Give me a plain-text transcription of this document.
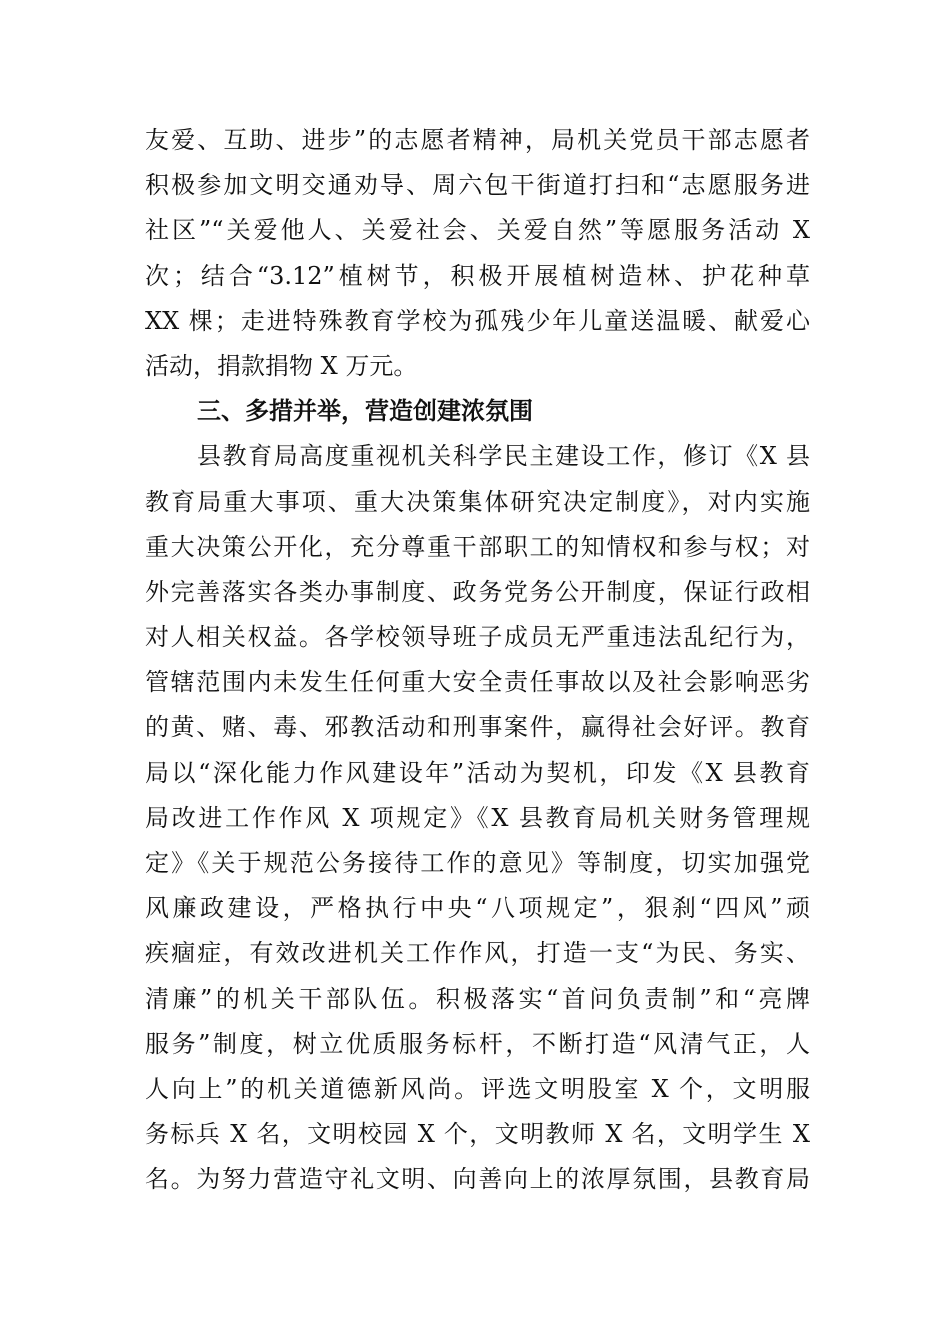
友爱、互助、进步”的志愿者精神，局机关党员干部志愿者
积极参加文明交通劝导、周六包干街道打扫和“志愿服务进
社区”“关爱他人、关爱社会、关爱自然”等愿服务活动 X
次；结合“3.12”植树节，积极开展植树造林、护花种草
XX 棵；走进特殊教育学校为孤残少年儿童送温暖、献爱心
活动，捐款捐物 X 万元。
三、多措并举，营造创建浓氛围
县教育局高度重视机关科学民主建设工作，修订《X 县
教育局重大事项、重大决策集体研究决定制度》，对内实施
重大决策公开化，充分尊重干部职工的知情权和参与权；对
外完善落实各类办事制度、政务党务公开制度，保证行政相
对人相关权益。各学校领导班子成员无严重违法乱纪行为，
管辖范围内未发生任何重大安全责任事故以及社会影响恶劣
的黄、赌、毒、邪教活动和刑事案件，赢得社会好评。教育
局以“深化能力作风建设年”活动为契机，印发《X 县教育
局改进工作作风 X 项规定》《X 县教育局机关财务管理规
定》《关于规范公务接待工作的意见》等制度，切实加强党
风廉政建设，严格执行中央“八项规定”，狠刹“四风”顽
疾痼症，有效改进机关工作作风，打造一支“为民、务实、
清廉”的机关干部队伍。积极落实“首问负责制”和“亮牌
服务”制度，树立优质服务标杆，不断打造“风清气正，人
人向上”的机关道德新风尚。评选文明股室 X 个，文明服
务标兵 X 名，文明校园 X 个，文明教师 X 名，文明学生 X
名。为努力营造守礼文明、向善向上的浓厚氛围，县教育局
